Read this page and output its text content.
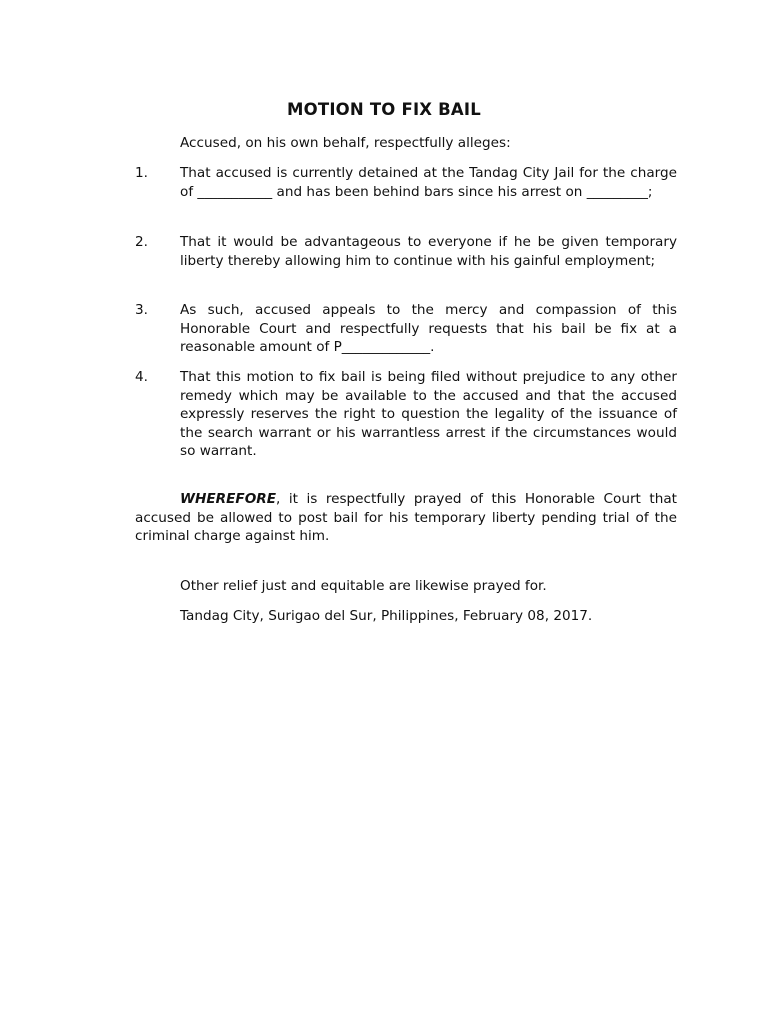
MOTION TO FIX BAIL
Accused, on his own behalf, respectfully alleges:
1. That accused is currently detained at the Tandag City Jail for the charge of ___________ and has been behind bars since his arrest on _________;
2. That it would be advantageous to everyone if he be given temporary liberty thereby allowing him to continue with his gainful employment;
3. As such, accused appeals to the mercy and compassion of this Honorable Court and respectfully requests that his bail be fix at a reasonable amount of P_____________.
4. That this motion to fix bail is being filed without prejudice to any other remedy which may be available to the accused and that the accused expressly reserves the right to question the legality of the issuance of the search warrant or his warrantless arrest if the circumstances would so warrant.
WHEREFORE, it is respectfully prayed of this Honorable Court that accused be allowed to post bail for his temporary liberty pending trial of the criminal charge against him.
Other relief just and equitable are likewise prayed for.
Tandag City, Surigao del Sur, Philippines, February 08, 2017.
